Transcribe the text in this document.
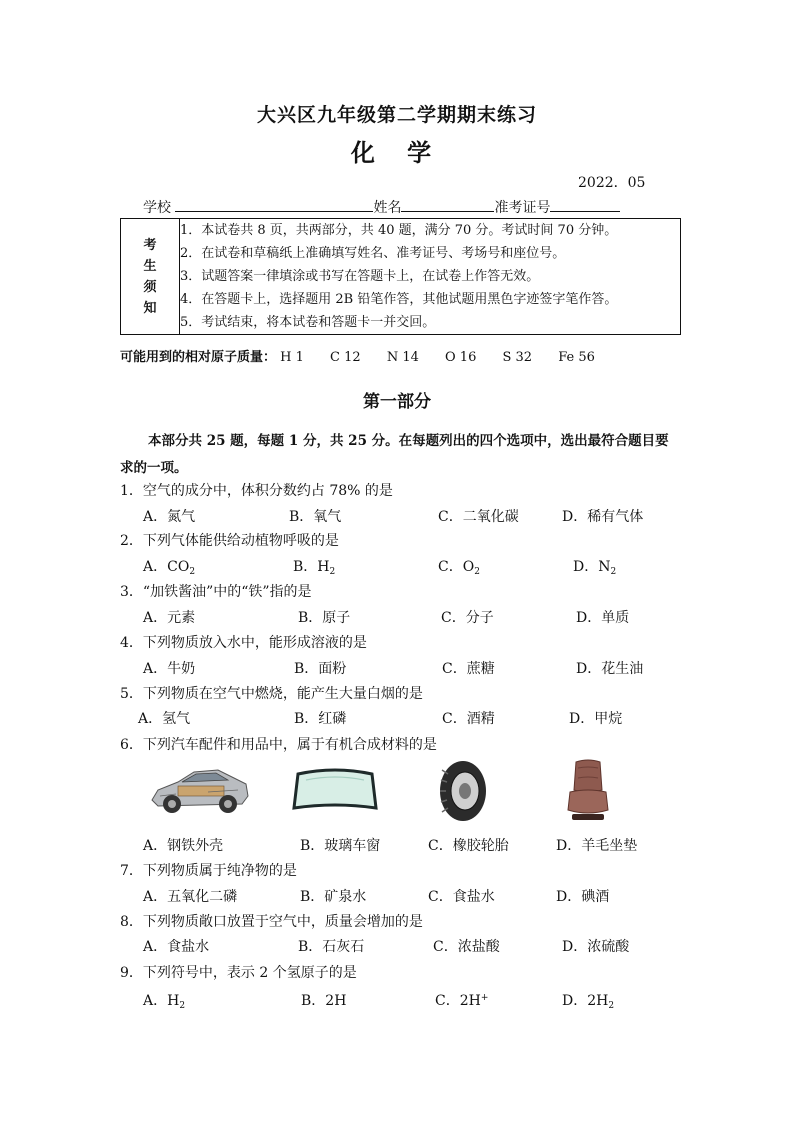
大兴区九年级第二学期期末练习
化 学
2022．05
学校	姓名	准考证号
考
生
须
知

1．本试卷共 8 页，共两部分，共 40 题，满分 70 分。考试时间 70 分钟。
2．在试卷和草稿纸上准确填写姓名、准考证号、考场号和座位号。
3．试题答案一律填涂或书写在答题卡上，在试卷上作答无效。
4．在答题卡上，选择题用 2B 铅笔作答，其他试题用黑色字迹签字笔作答。
5．考试结束，将本试卷和答题卡一并交回。
可能用到的相对原子质量： H 1 C 12 N 14 O 16 S 32 Fe 56
第一部分
本部分共 25 题，每题 1 分，共 25 分。在每题列出的四个选项中，选出最符合题目要求的一项。
1．空气的成分中，体积分数约占 78% 的是
A．氮气	B．氧气	C．二氧化碳	D．稀有气体
2．下列气体能供给动植物呼吸的是
A．$CO_2$	B．$H_2$	C．$O_2$	D．$N_2$
3．“加铁酱油”中的“铁”指的是
A．元素	B．原子	C．分子	D．单质
4．下列物质放入水中，能形成溶液的是
A．牛奶	B．面粉	C．蔗糖	D．花生油
5．下列物质在空气中燃烧，能产生大量白烟的是
A．氢气	B．红磷	C．酒精	D．甲烷
6．下列汽车配件和用品中，属于有机合成材料的是
A．钢铁外壳	B．玻璃车窗	C．橡胶轮胎	D．羊毛坐垫
7．下列物质属于纯净物的是
A．五氧化二磷	B．矿泉水	C．食盐水	D．碘酒
8．下列物质敞口放置于空气中，质量会增加的是
A．食盐水	B．石灰石	C．浓盐酸	D．浓硫酸
9．下列符号中，表示 2 个氢原子的是
A．$H_2$	B．2H	C．2H+	D．$2H_2$
